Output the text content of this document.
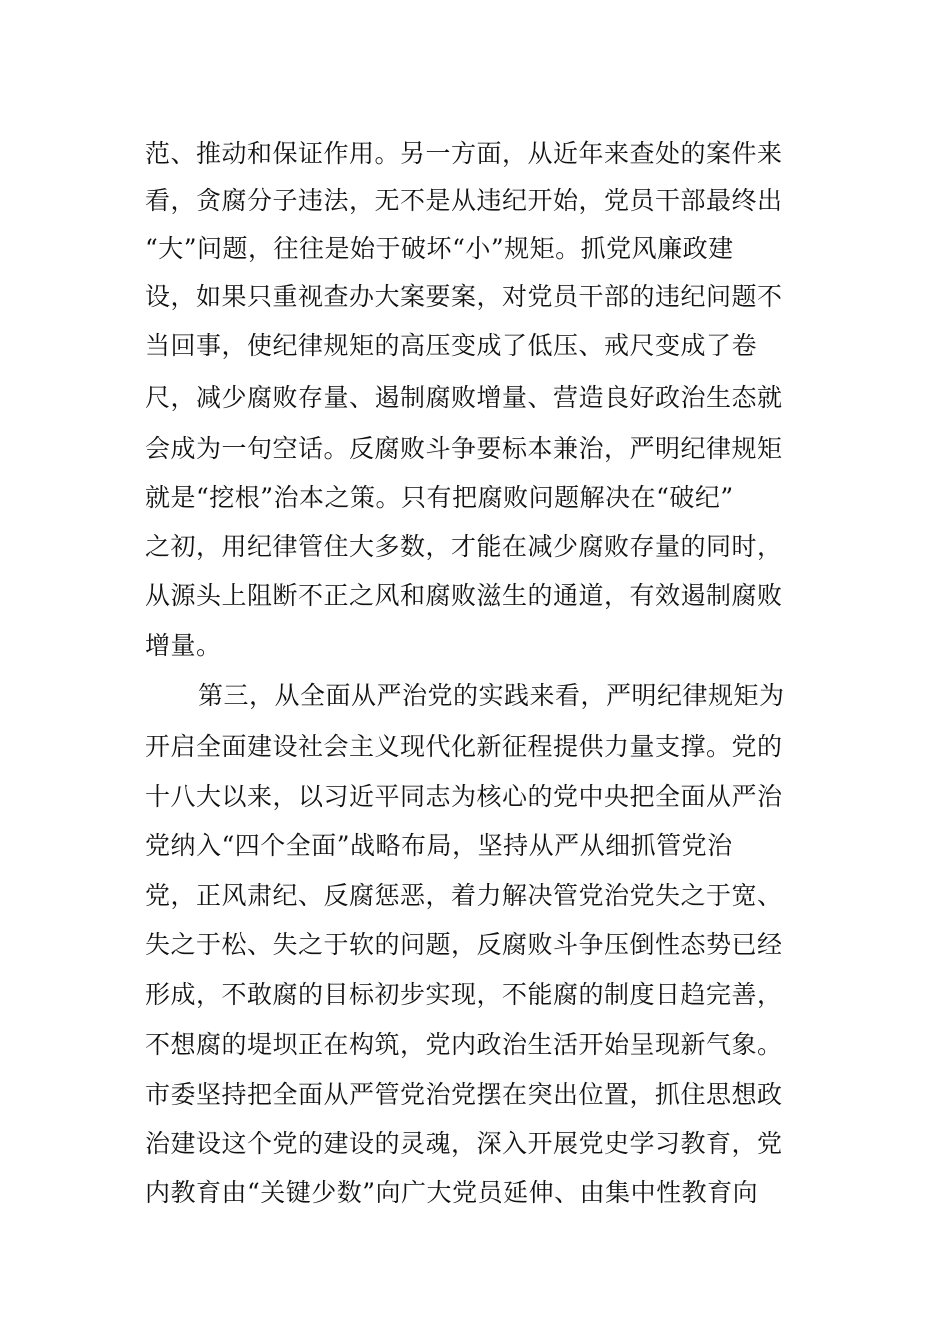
范、推动和保证作用。另一方面，从近年来查处的案件来
看，贪腐分子违法，无不是从违纪开始，党员干部最终出
“大”问题，往往是始于破坏“小”规矩。抓党风廉政建
设，如果只重视查办大案要案，对党员干部的违纪问题不
当回事，使纪律规矩的高压变成了低压、戒尺变成了卷
尺，减少腐败存量、遏制腐败增量、营造良好政治生态就
会成为一句空话。反腐败斗争要标本兼治，严明纪律规矩
就是“挖根”治本之策。只有把腐败问题解决在“破纪”
之初，用纪律管住大多数，才能在减少腐败存量的同时，
从源头上阻断不正之风和腐败滋生的通道，有效遏制腐败
增量。
第三，从全面从严治党的实践来看，严明纪律规矩为
开启全面建设社会主义现代化新征程提供力量支撑。党的
十八大以来，以习近平同志为核心的党中央把全面从严治
党纳入“四个全面”战略布局，坚持从严从细抓管党治
党，正风肃纪、反腐惩恶，着力解决管党治党失之于宽、
失之于松、失之于软的问题，反腐败斗争压倒性态势已经
形成，不敢腐的目标初步实现，不能腐的制度日趋完善，
不想腐的堤坝正在构筑，党内政治生活开始呈现新气象。
市委坚持把全面从严管党治党摆在突出位置，抓住思想政
治建设这个党的建设的灵魂，深入开展党史学习教育，党
内教育由“关键少数”向广大党员延伸、由集中性教育向
